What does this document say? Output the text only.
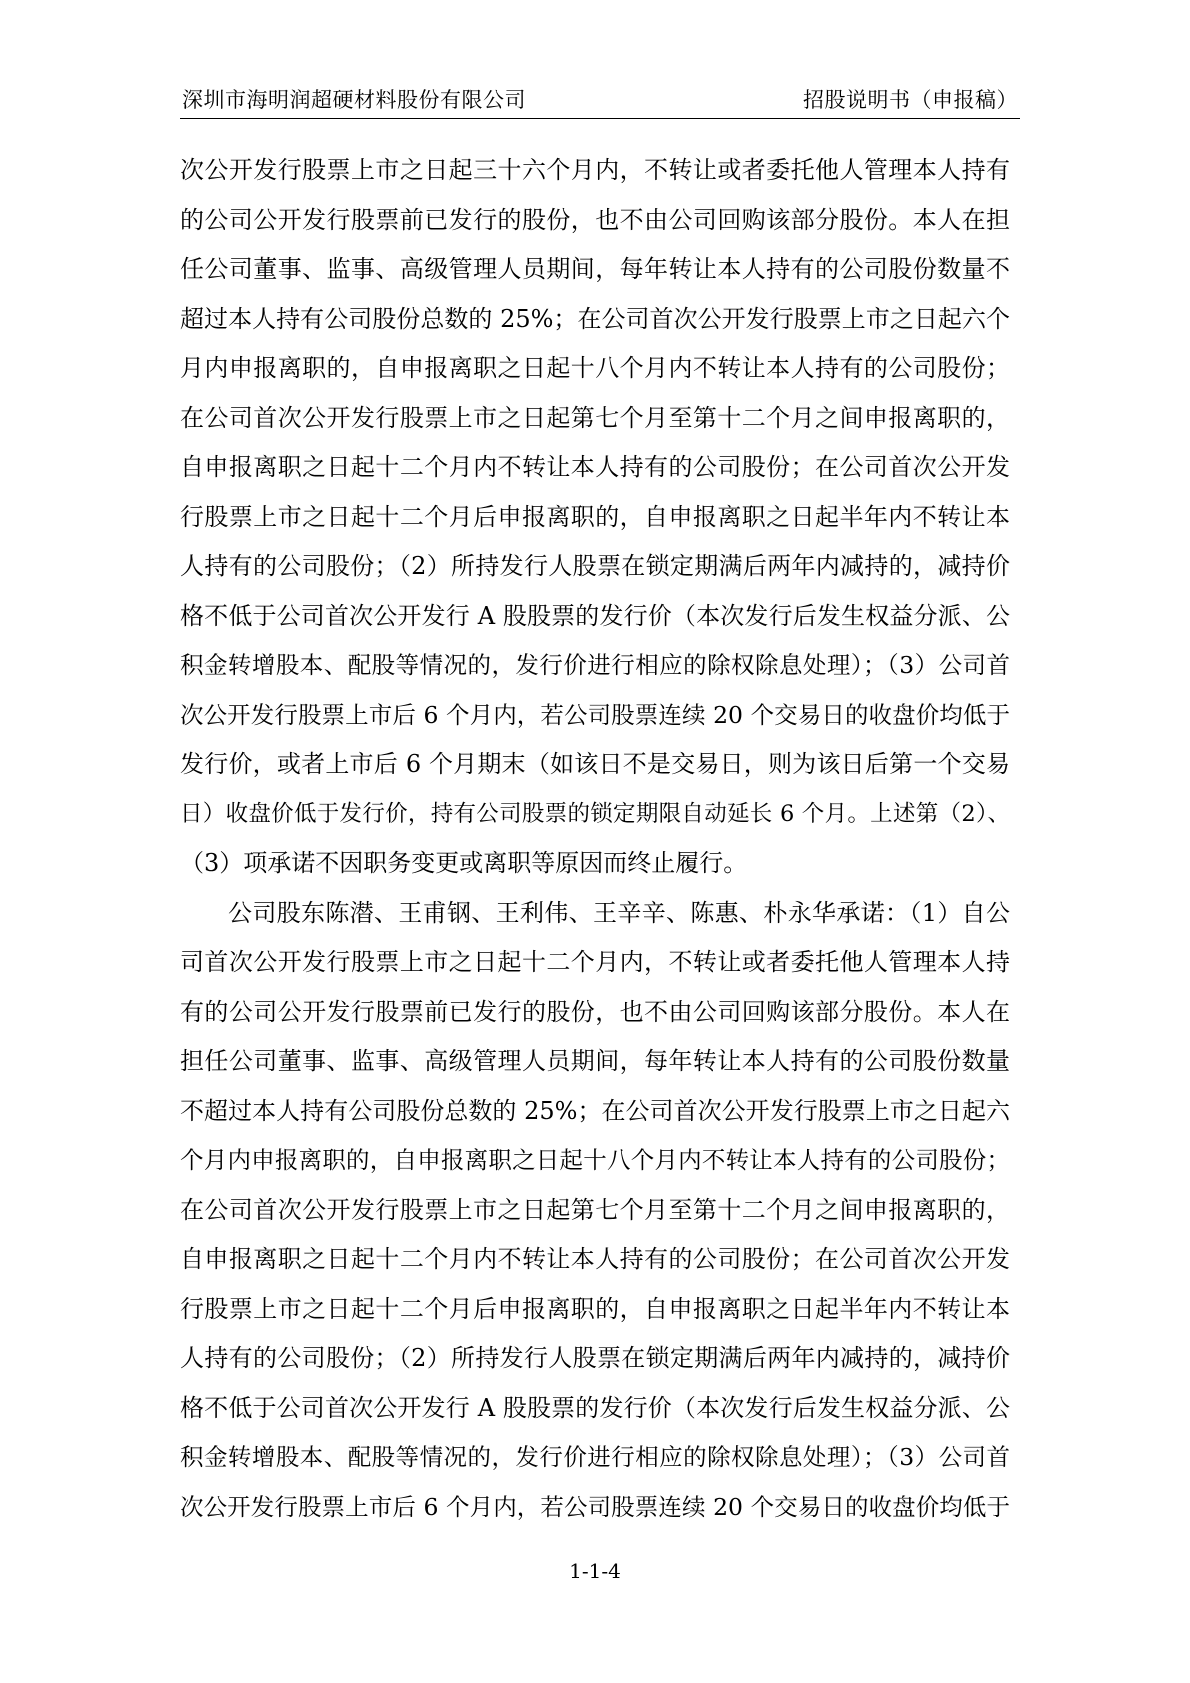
深圳市海明润超硬材料股份有限公司	招股说明书（申报稿）
次公开发行股票上市之日起三十六个月内，不转让或者委托他人管理本人持有
的公司公开发行股票前已发行的股份，也不由公司回购该部分股份。本人在担
任公司董事、监事、高级管理人员期间，每年转让本人持有的公司股份数量不
超过本人持有公司股份总数的 25%；在公司首次公开发行股票上市之日起六个
月内申报离职的，自申报离职之日起十八个月内不转让本人持有的公司股份；
在公司首次公开发行股票上市之日起第七个月至第十二个月之间申报离职的，
自申报离职之日起十二个月内不转让本人持有的公司股份；在公司首次公开发
行股票上市之日起十二个月后申报离职的，自申报离职之日起半年内不转让本
人持有的公司股份；（2）所持发行人股票在锁定期满后两年内减持的，减持价
格不低于公司首次公开发行 A 股股票的发行价（本次发行后发生权益分派、公
积金转增股本、配股等情况的，发行价进行相应的除权除息处理）；（3）公司首
次公开发行股票上市后 6 个月内，若公司股票连续 20 个交易日的收盘价均低于
发行价，或者上市后 6 个月期末（如该日不是交易日，则为该日后第一个交易
日）收盘价低于发行价，持有公司股票的锁定期限自动延长 6 个月。上述第（2）、
（3）项承诺不因职务变更或离职等原因而终止履行。
公司股东陈潜、王甫钢、王利伟、王辛辛、陈惠、朴永华承诺：（1）自公
司首次公开发行股票上市之日起十二个月内，不转让或者委托他人管理本人持
有的公司公开发行股票前已发行的股份，也不由公司回购该部分股份。本人在
担任公司董事、监事、高级管理人员期间，每年转让本人持有的公司股份数量
不超过本人持有公司股份总数的 25%；在公司首次公开发行股票上市之日起六
个月内申报离职的，自申报离职之日起十八个月内不转让本人持有的公司股份；
在公司首次公开发行股票上市之日起第七个月至第十二个月之间申报离职的，
自申报离职之日起十二个月内不转让本人持有的公司股份；在公司首次公开发
行股票上市之日起十二个月后申报离职的，自申报离职之日起半年内不转让本
人持有的公司股份；（2）所持发行人股票在锁定期满后两年内减持的，减持价
格不低于公司首次公开发行 A 股股票的发行价（本次发行后发生权益分派、公
积金转增股本、配股等情况的，发行价进行相应的除权除息处理）；（3）公司首
次公开发行股票上市后 6 个月内，若公司股票连续 20 个交易日的收盘价均低于
1-1-4
